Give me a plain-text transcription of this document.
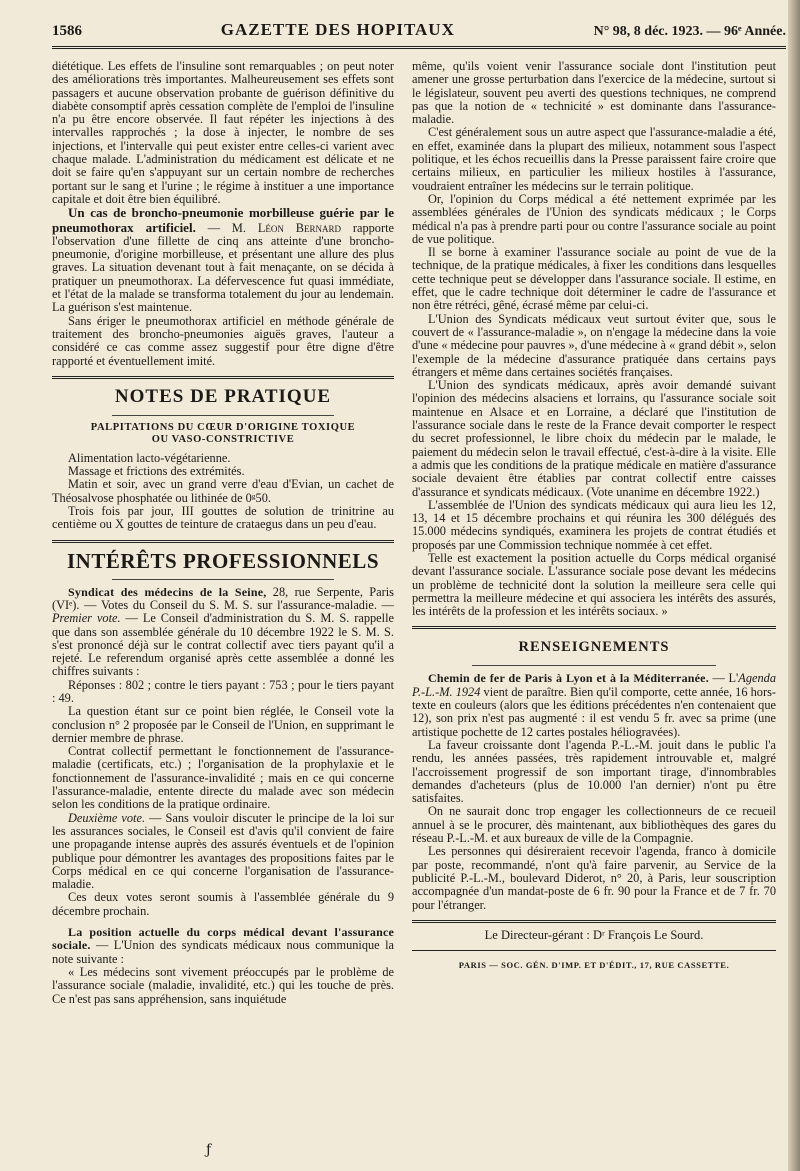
1586	GAZETTE DES HOPITAUX	N° 98, 8 déc. 1923. — 96ᵉ Année.

diététique. Les effets de l'insuline sont remarquables ; on peut noter des améliorations très importantes. Malheureusement ses effets sont passagers et aucune observation probante de guérison définitive du diabète consomptif après cessation complète de l'emploi de l'insuline n'a pu être encore observée. Il faut répéter les injections à des intervalles rapprochés ; la dose à injecter, le nombre de ses injections, et l'intervalle qui peut exister entre celles-ci varient avec chaque malade. L'administration du médicament est délicate et ne doit se faire qu'en s'appuyant sur un certain nombre de recherches portant sur le sang et l'urine ; le régime à instituer a une importance capitale et doit être bien équilibré.

Un cas de broncho-pneumonie morbilleuse guérie par le pneumothorax artificiel. — M. Léon Bernard rapporte l'observation d'une fillette de cinq ans atteinte d'une broncho-pneumonie, d'origine morbilleuse, et présentant une allure des plus graves. La situation devenant tout à fait menaçante, on se décida à pratiquer un pneumothorax. La défervescence fut quasi immédiate, et l'état de la malade se transforma totalement du jour au lendemain. La guérison s'est maintenue.

Sans ériger le pneumothorax artificiel en méthode générale de traitement des broncho-pneumonies aiguës graves, l'auteur a considéré ce cas comme assez suggestif pour être digne d'être rapporté et éventuellement imité.

NOTES DE PRATIQUE
PALPITATIONS DU CŒUR D'ORIGINE TOXIQUE
OU VASO-CONSTRICTIVE

Alimentation lacto-végétarienne.

Massage et frictions des extrémités.

Matin et soir, avec un grand verre d'eau d'Evian, un cachet de Théosalvose phosphatée ou lithinée de 0ᵍ50.

Trois fois par jour, III gouttes de solution de trinitrine au centième ou X gouttes de teinture de crataegus dans un peu d'eau.

INTÉRÊTS PROFESSIONNELS

Syndicat des médecins de la Seine, 28, rue Serpente, Paris (VIᵉ). — Votes du Conseil du S. M. S. sur l'assurance-maladie. — Premier vote. — Le Conseil d'administration du S. M. S. rappelle que dans son assemblée générale du 10 décembre 1922 le S. M. S. s'est prononcé déjà sur le contrat collectif avec tiers payant qu'il a rejeté. Le referendum organisé après cette assemblée a donné les chiffres suivants :

Réponses : 802 ; contre le tiers payant : 753 ; pour le tiers payant : 49.

La question étant sur ce point bien réglée, le Conseil vote la conclusion n° 2 proposée par le Conseil de l'Union, en supprimant le dernier membre de phrase.

Contrat collectif permettant le fonctionnement de l'assurance-maladie (certificats, etc.) ; l'organisation de la prophylaxie et le fonctionnement de l'assurance-invalidité ; mais en ce qui concerne l'assurance-maladie, entente directe du malade avec son médecin selon les conditions de la pratique ordinaire.

Deuxième vote. — Sans vouloir discuter le principe de la loi sur les assurances sociales, le Conseil est d'avis qu'il convient de faire une propagande intense auprès des assurés éventuels et de l'opinion publique pour démontrer les avantages des propositions faites par le Corps médical en ce qui concerne l'organisation de l'assurance-maladie.

Ces deux votes seront soumis à l'assemblée générale du 9 décembre prochain.

La position actuelle du corps médical devant l'assurance sociale. — L'Union des syndicats médicaux nous communique la note suivante :

« Les médecins sont vivement préoccupés par le problème de l'assurance sociale (maladie, invalidité, etc.) qui les touche de près. Ce n'est pas sans appréhension, sans inquiétude

même, qu'ils voient venir l'assurance sociale dont l'institution peut amener une grosse perturbation dans l'exercice de la médecine, surtout si le législateur, souvent peu averti des questions techniques, ne comprend pas que la notion de « technicité » est dominante dans l'assurance-maladie.

C'est généralement sous un autre aspect que l'assurance-maladie a été, en effet, examinée dans la plupart des milieux, notamment sous l'aspect politique, et les échos recueillis dans la Presse paraissent faire croire que certains milieux, en particulier les milieux hostiles à l'assurance, voudraient entraîner les médecins sur le terrain politique.

Or, l'opinion du Corps médical a été nettement exprimée par les assemblées générales de l'Union des syndicats médicaux ; le Corps médical n'a pas à prendre parti pour ou contre l'assurance sociale au point de vue politique.

Il se borne à examiner l'assurance sociale au point de vue de la technique, de la pratique médicales, à fixer les conditions dans lesquelles cette technique peut se développer dans l'assurance sociale. Il estime, en effet, que le cadre technique doit déterminer le cadre de l'assurance et non être rétréci, gêné, écrasé même par celui-ci.

L'Union des Syndicats médicaux veut surtout éviter que, sous le couvert de « l'assurance-maladie », on n'engage la médecine dans la voie d'une « médecine pour pauvres », d'une médecine à « grand débit », selon l'exemple de la médecine d'assurance pratiquée dans certains pays étrangers et même dans certaines sociétés françaises.

L'Union des syndicats médicaux, après avoir demandé suivant l'opinion des médecins alsaciens et lorrains, qu l'assurance sociale soit maintenue en Alsace et en Lorraine, a déclaré que l'institution de l'assurance sociale dans le reste de la France devait comporter le respect du secret professionnel, le libre choix du médecin par le malade, le paiement du médecin selon le travail effectué, c'est-à-dire à la visite. Elle a admis que les conditions de la pratique médicale en matière d'assurance sociale devaient être établies par contrat collectif entre caisses d'assurance et syndicats médicaux. (Vote unanime en décembre 1922.)

L'assemblée de l'Union des syndicats médicaux qui aura lieu les 12, 13, 14 et 15 décembre prochains et qui réunira les 300 délégués des 15.000 médecins syndiqués, examinera les projets de contrat étudiés et proposés par une Commission technique nommée à cet effet.

Telle est exactement la position actuelle du Corps médical organisé devant l'assurance sociale. L'assurance sociale pose devant les médecins un problème de technicité dont la solution la meilleure sera celle qui permettra la meilleure médecine et qui associera les intérêts des assurés, les intérêts de la profession et les intérêts sociaux. »

RENSEIGNEMENTS

Chemin de fer de Paris à Lyon et à la Méditerranée. — L'Agenda P.-L.-M. 1924 vient de paraître. Bien qu'il comporte, cette année, 16 hors-texte en couleurs (alors que les éditions précédentes n'en contenaient que 12), son prix n'est pas augmenté : il est vendu 5 fr. avec sa prime (une artistique pochette de 12 cartes postales héliogravées).

La faveur croissante dont l'agenda P.-L.-M. jouit dans le public l'a rendu, les années passées, très rapidement introuvable et, malgré l'accroissement progressif de son important tirage, d'innombrables demandes d'acheteurs (plus de 10.000 l'an dernier) n'ont pu être satisfaites.

On ne saurait donc trop engager les collectionneurs de ce recueil annuel à se le procurer, dès maintenant, aux bibliothèques des gares du réseau P.-L.-M. et aux bureaux de ville de la Compagnie.

Les personnes qui désireraient recevoir l'agenda, franco à domicile par poste, recommandé, n'ont qu'à faire parvenir, au Service de la publicité P.-L.-M., boulevard Diderot, n° 20, à Paris, leur souscription accompagnée d'un mandat-poste de 6 fr. 90 pour la France et de 7 fr. 70 pour l'étranger.

Le Directeur-gérant : Dʳ François Le Sourd.
PARIS — SOC. GÉN. D'IMP. ET D'ÉDIT., 17, RUE CASSETTE.
ƒ
